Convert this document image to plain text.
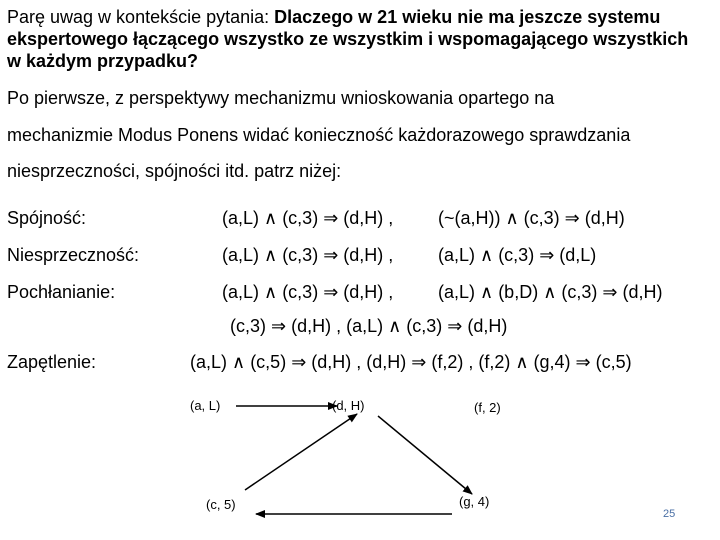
Parę uwag w kontekście pytania: Dlaczego w 21 wieku nie ma jeszcze systemu ekspertowego łączącego wszystko ze wszystkim i wspomagającego wszystkich w każdym przypadku?
Po pierwsze, z perspektywy mechanizmu wnioskowania opartego na
mechanizmie Modus Ponens widać konieczność każdorazowego sprawdzania
niesprzeczności, spójności itd. patrz niżej:
Spójność:	(a,L) ∧ (c,3) ⇒ (d,H) , (~(a,H)) ∧ (c,3) ⇒ (d,H)
Niesprzeczność:	(a,L) ∧ (c,3) ⇒ (d,H) , (a,L) ∧ (c,3) ⇒ (d,L)
Pochłanianie:	(a,L) ∧ (c,3) ⇒ (d,H) , (a,L) ∧ (b,D) ∧ (c,3) ⇒ (d,H)
(c,3) ⇒ (d,H) , (a,L) ∧ (c,3) ⇒ (d,H)
Zapętlenie:	(a,L) ∧ (c,5) ⇒ (d,H) , (d,H) ⇒ (f,2) , (f,2) ∧ (g,4) ⇒ (c,5)
(a, L)	(d, H)	(f, 2)
(c, 5)	(g, 4)
25
